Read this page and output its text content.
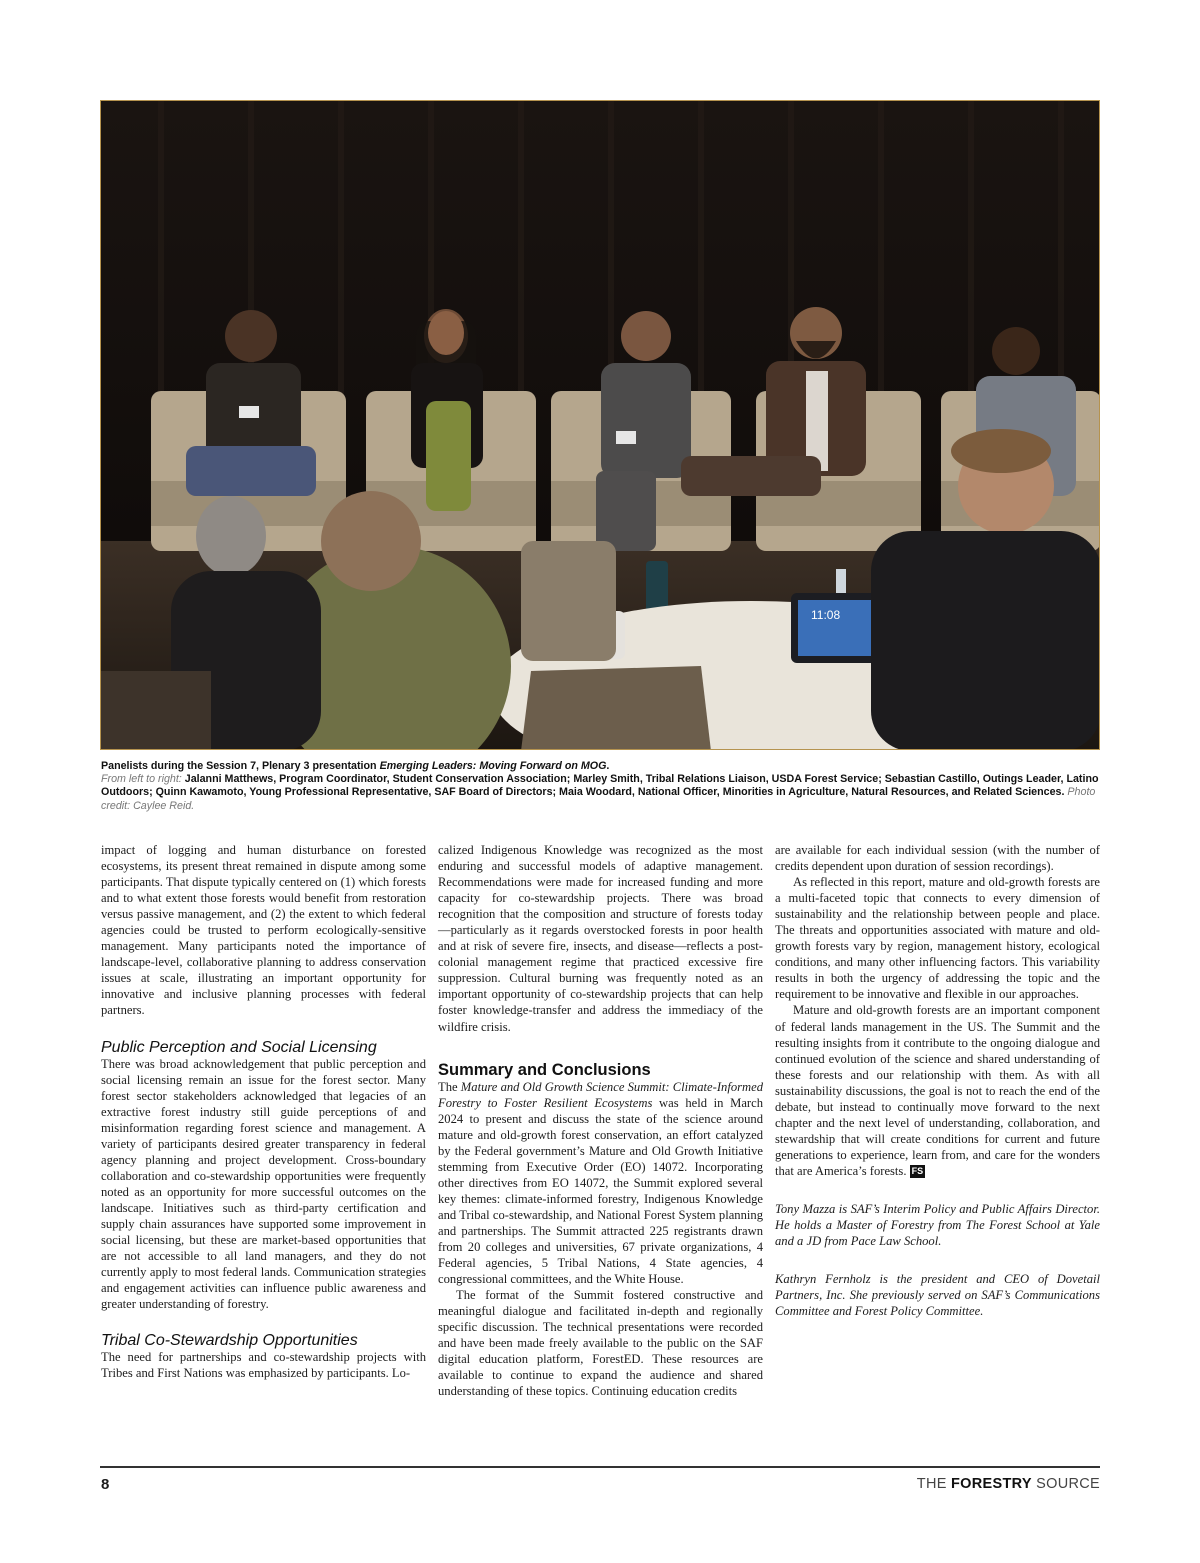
11:08
Panelists during the Session 7, Plenary 3 presentation Emerging Leaders: Moving Forward on MOG.
From left to right: Jalanni Matthews, Program Coordinator, Student Conservation Association; Marley Smith, Tribal Relations Liaison, USDA Forest Service; Sebastian Castillo, Outings Leader, Latino Outdoors; Quinn Kawamoto, Young Professional Representative, SAF Board of Directors; Maia Woodard, National Officer, Minorities in Agriculture, Natural Resources, and Related Sciences. Photo credit: Caylee Reid.

impact of logging and human disturbance on forested ecosystems, its present threat remained in dispute among some participants. That dispute typically centered on (1) which forests and to what extent those forests would benefit from restoration versus passive management, and (2) the extent to which federal agencies could be trusted to perform ecologically-sensitive management. Many participants noted the importance of landscape-level, collaborative planning to address conservation issues at scale, illustrating an important opportunity for innovative and inclusive planning processes with federal partners.

Public Perception and Social Licensing

There was broad acknowledgement that public perception and social licensing remain an issue for the forest sector. Many forest sector stakeholders acknowledged that legacies of an extractive forest industry still guide perceptions of and misinformation regarding forest science and management. A variety of participants desired greater transparency in federal agency planning and project development. Cross-boundary collaboration and co-stewardship opportunities were frequently noted as an opportunity for more successful outcomes on the landscape. Initiatives such as third-party certification and supply chain assurances have supported some improvement in social licensing, but these are market-based opportunities that are not accessible to all land managers, and they do not currently apply to most federal lands. Communication strategies and engagement activities can influence public awareness and greater understanding of forestry.

Tribal Co-Stewardship Opportunities

The need for partnerships and co-stewardship projects with Tribes and First Nations was emphasized by participants. Lo-

calized Indigenous Knowledge was recognized as the most enduring and successful models of adaptive management. Recommendations were made for increased funding and more capacity for co-stewardship projects. There was broad recognition that the composition and structure of forests today—particularly as it regards overstocked forests in poor health and at risk of severe fire, insects, and disease—reflects a post-colonial management regime that practiced excessive fire suppression. Cultural burning was frequently noted as an important opportunity of co-stewardship projects that can help foster knowledge-transfer and address the immediacy of the wildfire crisis.

Summary and Conclusions

The Mature and Old Growth Science Summit: Climate-Informed Forestry to Foster Resilient Ecosystems was held in March 2024 to present and discuss the state of the science around mature and old-growth forest conservation, an effort catalyzed by the Federal government’s Mature and Old Growth Initiative stemming from Executive Order (EO) 14072. Incorporating other directives from EO 14072, the Summit explored several key themes: climate-informed forestry, Indigenous Knowledge and Tribal co-stewardship, and National Forest System planning and partnerships. The Summit attracted 225 registrants drawn from 20 colleges and universities, 67 private organizations, 4 Federal agencies, 5 Tribal Nations, 4 State agencies, 4 congressional committees, and the White House.

The format of the Summit fostered constructive and meaningful dialogue and facilitated in-depth and regionally specific discussion. The technical presentations were recorded and have been made freely available to the public on the SAF digital education platform, ForestED. These resources are available to continue to expand the audience and shared understanding of these topics. Continuing education credits

are available for each individual session (with the number of credits dependent upon duration of session recordings).

As reflected in this report, mature and old-growth forests are a multi-faceted topic that connects to every dimension of sustainability and the relationship between people and place. The threats and opportunities associated with mature and old-growth forests vary by region, management history, ecological conditions, and many other influencing factors. This variability results in both the urgency of addressing the topic and the requirement to be innovative and flexible in our approaches.

Mature and old-growth forests are an important component of federal lands management in the US. The Summit and the resulting insights from it contribute to the ongoing dialogue and continued evolution of the science and shared understanding of these forests and our relationship with them. As with all sustainability discussions, the goal is not to reach the end of the debate, but instead to continually move forward to the next chapter and the next level of understanding, collaboration, and stewardship that will create conditions for current and future generations to experience, learn from, and care for the wonders that are America’s forests. FS

Tony Mazza is SAF’s Interim Policy and Public Affairs Director. He holds a Master of Forestry from The Forest School at Yale and a JD from Pace Law School.

Kathryn Fernholz is the president and CEO of Dovetail Partners, Inc. She previously served on SAF’s Communications Committee and Forest Policy Committee.

8	THE FORESTRY SOURCE
